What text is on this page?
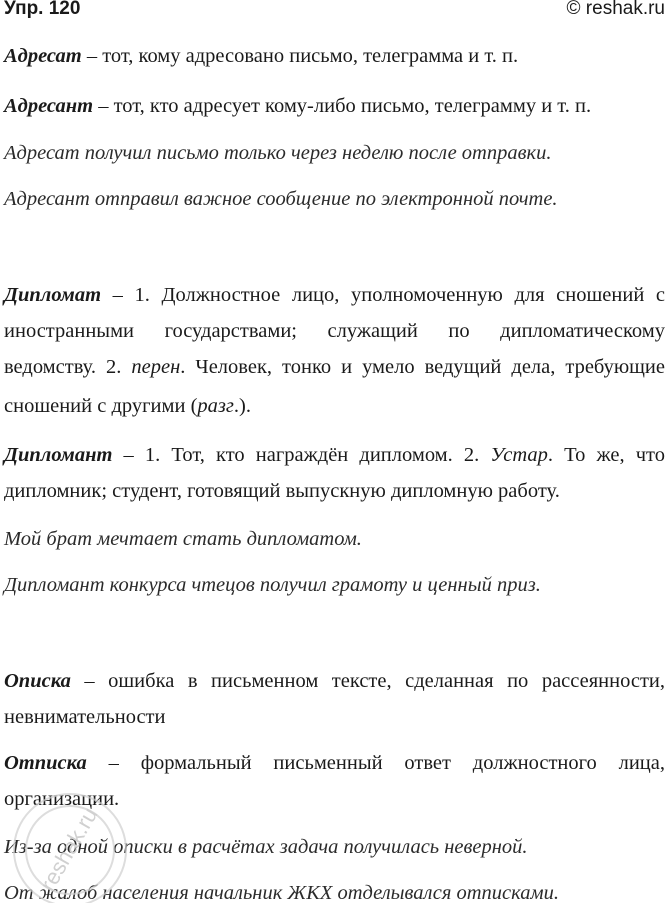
Упр. 120	© reshak.ru
Адресат – тот, кому адресовано письмо, телеграмма и т. п.
Адресант – тот, кто адресует кому-либо письмо, телеграмму и т. п.
Адресат получил письмо только через неделю после отправки.
Адресант отправил важное сообщение по электронной почте.
Дипломат – 1. Должностное лицо, уполномоченную для сношений с
иностранными государствами; служащий по дипломатическому
ведомству. 2. перен. Человек, тонко и умело ведущий дела, требующие
сношений с другими (разг.).
Дипломант – 1. Тот, кто награждён дипломом. 2. Устар. То же, что
дипломник; студент, готовящий выпускную дипломную работу.
Мой брат мечтает стать дипломатом.
Дипломант конкурса чтецов получил грамоту и ценный приз.
Описка – ошибка в письменном тексте, сделанная по рассеянности,
невнимательности
Отписка – формальный письменный ответ должностного лица,
организации.
Из-за одной описки в расчётах задача получилась неверной.
От жалоб населения начальник ЖКХ отделывался отписками.
reshak.ru
